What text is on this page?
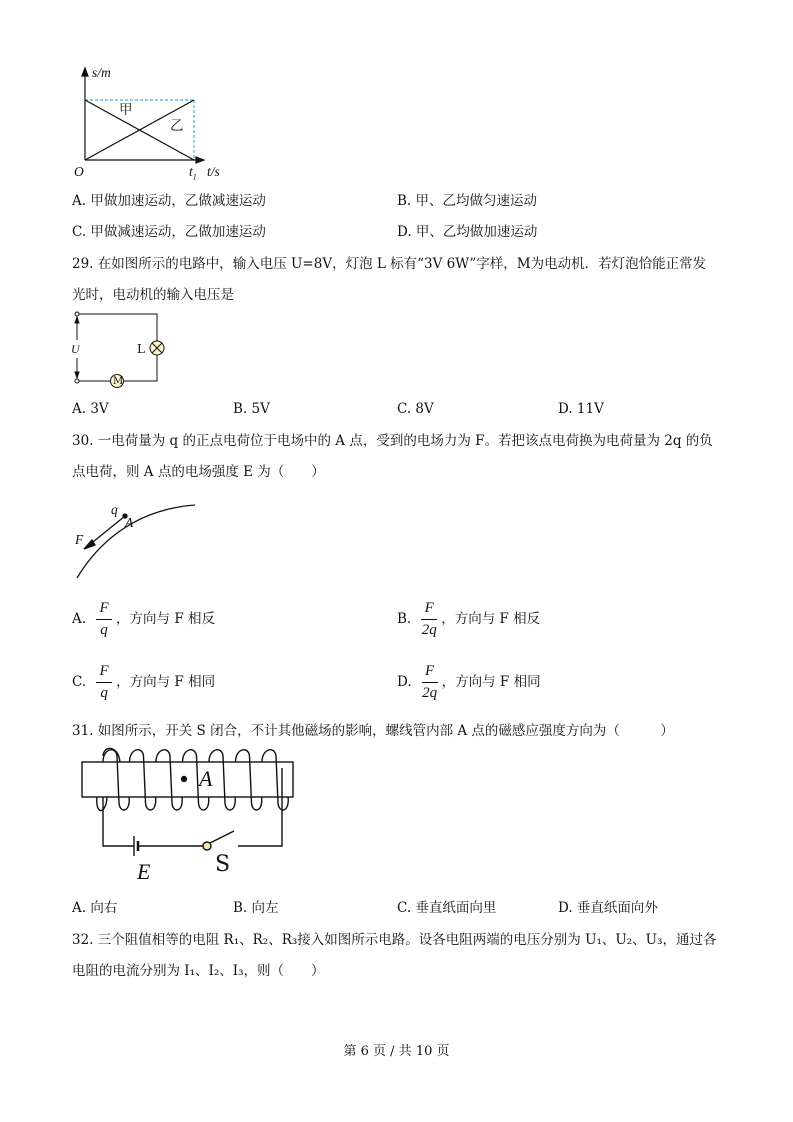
s/m
甲
乙
O	$t_1$ t/s
A. 甲做加速运动，乙做减速运动	B. 甲、乙均做匀速运动
C. 甲做减速运动，乙做加速运动	D. 甲、乙均做加速运动
29. 在如图所示的电路中，输入电压 U=8V，灯泡 L 标有“3V 6W”字样，M为电动机．若灯泡恰能正常发
光时，电动机的输入电压是
U	L
M
A. 3V	B. 5V	C. 8V	D. 11V
30. 一电荷量为 q 的正点电荷位于电场中的 A 点，受到的电场力为 F。若把该点电荷换为电荷量为 2q 的负
点电荷，则 A 点的电场强度 E 为（　　）
q
A
F
A. $\frac{F}{q}$ ，方向与 F 相反	B. $\frac{F}{2q}$ ，方向与 F 相反
C. $\frac{F}{q}$ ，方向与 F 相同	D. $\frac{F}{2q}$ ，方向与 F 相同
31. 如图所示，开关 S 闭合，不计其他磁场的影响，螺线管内部 A 点的磁感应强度方向为（　　　）
A
E	S
A. 向右	B. 向左	C. 垂直纸面向里	D. 垂直纸面向外
32. 三个阻值相等的电阻 R₁、R₂、R₃接入如图所示电路。设各电阻两端的电压分别为 U₁、U₂、U₃，通过各
电阻的电流分别为 I₁、I₂、I₃，则（　　）
第 6 页 / 共 10 页
